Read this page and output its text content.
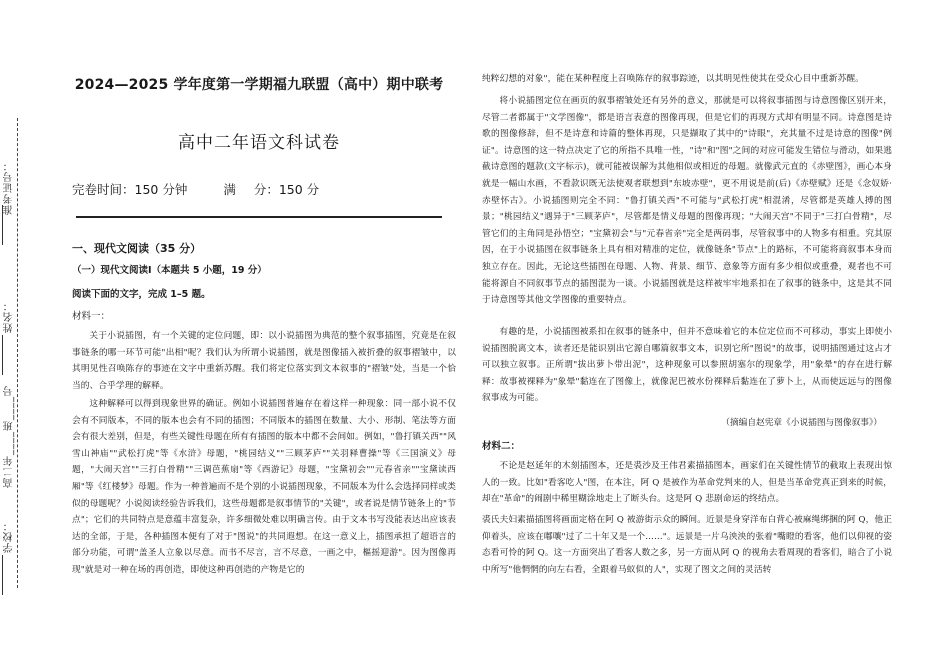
准考证号：
姓名：
高二年____班____号
学校：
2024—2025 学年度第一学期福九联盟（高中）期中联考
高中二年语文科试卷
完卷时间：150 分钟	满 分：150 分
一、现代文阅读（35 分）
（一）现代文阅读Ⅰ（本题共 5 小题，19 分）
阅读下面的文字，完成 1–5 题。
材料一：
关于小说插图，有一个关键的定位问题，即：以小说插图为典范的整个叙事插图，究竟是在叙事链条的哪一环节可能"出相"呢？我们认为所谓小说插图，就是图像插入被折叠的叙事褶皱中，以其明见性召唤陈存的事迹在文字中重新苏醒。我们将定位落实到文本叙事的"褶皱"处，当是一个恰当的、合乎学理的解释。
这种解释可以得到现象世界的确证。例如小说插图普遍存在着这样一种现象：同一部小说不仅会有不同版本，不同的版本也会有不同的插图；不同版本的插图在数量、大小、形制、笔法等方面会有很大差别，但是，有些关键性母题在所有有插图的版本中都不会间如。例如，"鲁打镇关西""风雪山神庙""武松打虎"等《水浒》母题，"桃园结义""三顾茅庐""关羽释曹操"等《三国演义》母题，"大闹天宫""三打白骨精""三调芭蕉扇"等《西游记》母题，"宝黛初会""元春省亲""宝黛读西厢"等《红楼梦》母题。作为一种普遍而不是个别的小说插图现象，不同版本为什么会选择同样或类似的母题呢？小说阅读经验告诉我们，这些母题都是叙事情节的"关键"，或者说是情节链条上的"节点"；它们的共同特点是意蕴丰富复杂，许多细微处难以明确言传。由于文本书写没能表达出应该表达的全部，于是，各种插图本便有了对于"图说"的共同遐想。在这一意义上，插图承担了超语言的部分功能，可谓"盖圣人立象以尽意。而书不尽言，言不尽意，一画之中，樞摇迎游"。因为图像再现"就是对一种在场的再创造，即使这种再创造的产物是它的
纯粹幻想的对象"，能在某种程度上召唤陈存的叙事踪迹，以其明见性使其在受众心目中重新苏醒。
将小说插图定位在画页的叙事褶皱处还有另外的意义，那就是可以将叙事插图与诗意图像区别开来，尽管二者都属于"文学图像"，都是语言表意的图像再现，但是它们的再现方式却有明显不同。诗意图是诗歌的图像修辞，但不是诗意和诗篇的整体再现，只是撷取了其中的"诗眼"，充其量不过是诗意的图像"例证"。诗意图的这一特点决定了它的所指不具唯一性，"诗"和"图"之间的对应可能发生错位与滑动，如果逃截诗意图的题款(文字标示)，就可能被误解为其他相似或相近的母题。就像武元直的《赤壁图》，画心本身就是一幅山水画，不看款识既无法使观者联想到"东坡赤壁"，更不用说是前(后)《赤壁赋》还是《念奴娇·赤壁怀古》。小说插图则完全不同："鲁打镇关西"不可能与"武松打虎"相混淆，尽管都是英雄人搏的图景；"桃园结义"遇异于"三顾茅庐"，尽管都是情义母题的图像再现；"大闹天宫"不同于"三打白骨精"，尽管它们的主角同是孙悟空；"宝黛初会"与"元春省亲"完全是两码事，尽管叙事中的人物多有相重。究其原因，在于小说插图在叙事链条上具有相对精准的定位，就像链条"节点"上的路标，不可能将商叙事本身而独立存在。因此，无论这些插图在母题、人物、背景、细节、意象等方面有多少相似或重叠，观者也不可能将源自不同叙事节点的插图混为一谈。小说插图就是这样被牢牢地系扣在了叙事的链条中，这是其不同于诗意图等其他文学图像的重要特点。
有趣的是，小说插图被系扣在叙事的链条中，但并不意味着它的本位定位而不可移动，事实上即使小说插图脱离文本，读者还是能识别出它源自哪篇叙事文本，识别它所"图说"的故事，说明插图通过这占才可以独立叙事。正所谓"拔出萝卜带出泥"，这种现象可以参照胡塞尔的现象学，用"象晕"的存在进行解释：故事被裸释为"象晕"黏连在了图像上，就像泥巴被水份裸释后黏连在了萝卜上，从而使远远与的图像叙事成为可能。
（摘编自赵宪章《小说插图与图像叙事》）
材料二：
不论是赵延年的木刻插图本，还是裘沙及王伟君素描插图本，画家们在关键性情节的截取上表现出惊人的一致。比如"看客吃人"图，在本注，阿 Q 是被作为革命党判来的人，但是当革命党真正到来的时候，却在"革命"的闹剧中稀里糊涂地走上了断头台。这是阿 Q 悲剧命运的终结点。
裘氏夫妇素描插图将画面定格在阿 Q 被游街示众的瞬间。近景是身穿洋布白背心被麻绳绑捆的阿 Q，他正仰着头，应该在嘟嚷"过了二十年又是一个……"。远景是一片乌泱泱的张着"嘴瞪的看客，他们以仰视的姿态看可怜的阿 Q。这一方面突出了看客人数之多，另一方面从阿 Q 的视角去看周现的看客们，暗合了小说中所写"他惘惘的向左右看，全跟着马蚁似的人"，实现了图文之间的灵活转
